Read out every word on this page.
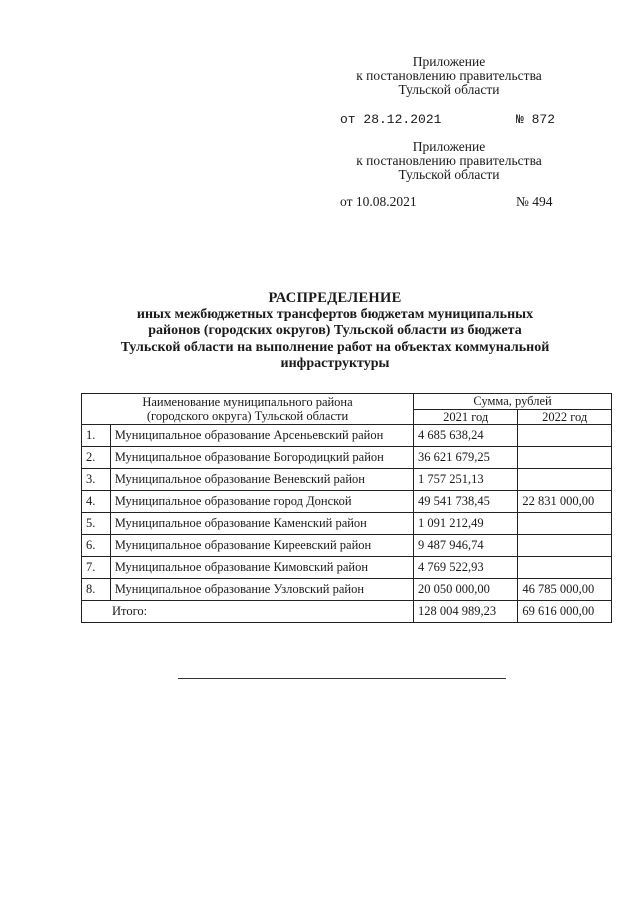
Приложение
к постановлению правительства
Тульской области
от 28.12.2021	№ 872
Приложение
к постановлению правительства
Тульской области
от 10.08.2021	№ 494
РАСПРЕДЕЛЕНИЕ
иных межбюджетных трансфертов бюджетам муниципальных
районов (городских округов) Тульской области из бюджета
Тульской области на выполнение работ на объектах коммунальной
инфраструктуры
Наименование муниципального района
(городского округа) Тульской области		Сумма, рублей	
		2021 год	2022 год
1.	Муниципальное образование Арсеньевский район	4 685 638,24	
2.	Муниципальное образование Богородицкий район	36 621 679,25	
3.	Муниципальное образование Веневский район	1 757 251,13	
4.	Муниципальное образование город Донской	49 541 738,45	22 831 000,00
5.	Муниципальное образование Каменский район	1 091 212,49	
6.	Муниципальное образование Киреевский район	9 487 946,74	
7.	Муниципальное образование Кимовский район	4 769 522,93	
8.	Муниципальное образование Узловский район	20 050 000,00	46 785 000,00
Итого:		128 004 989,23	69 616 000,00
